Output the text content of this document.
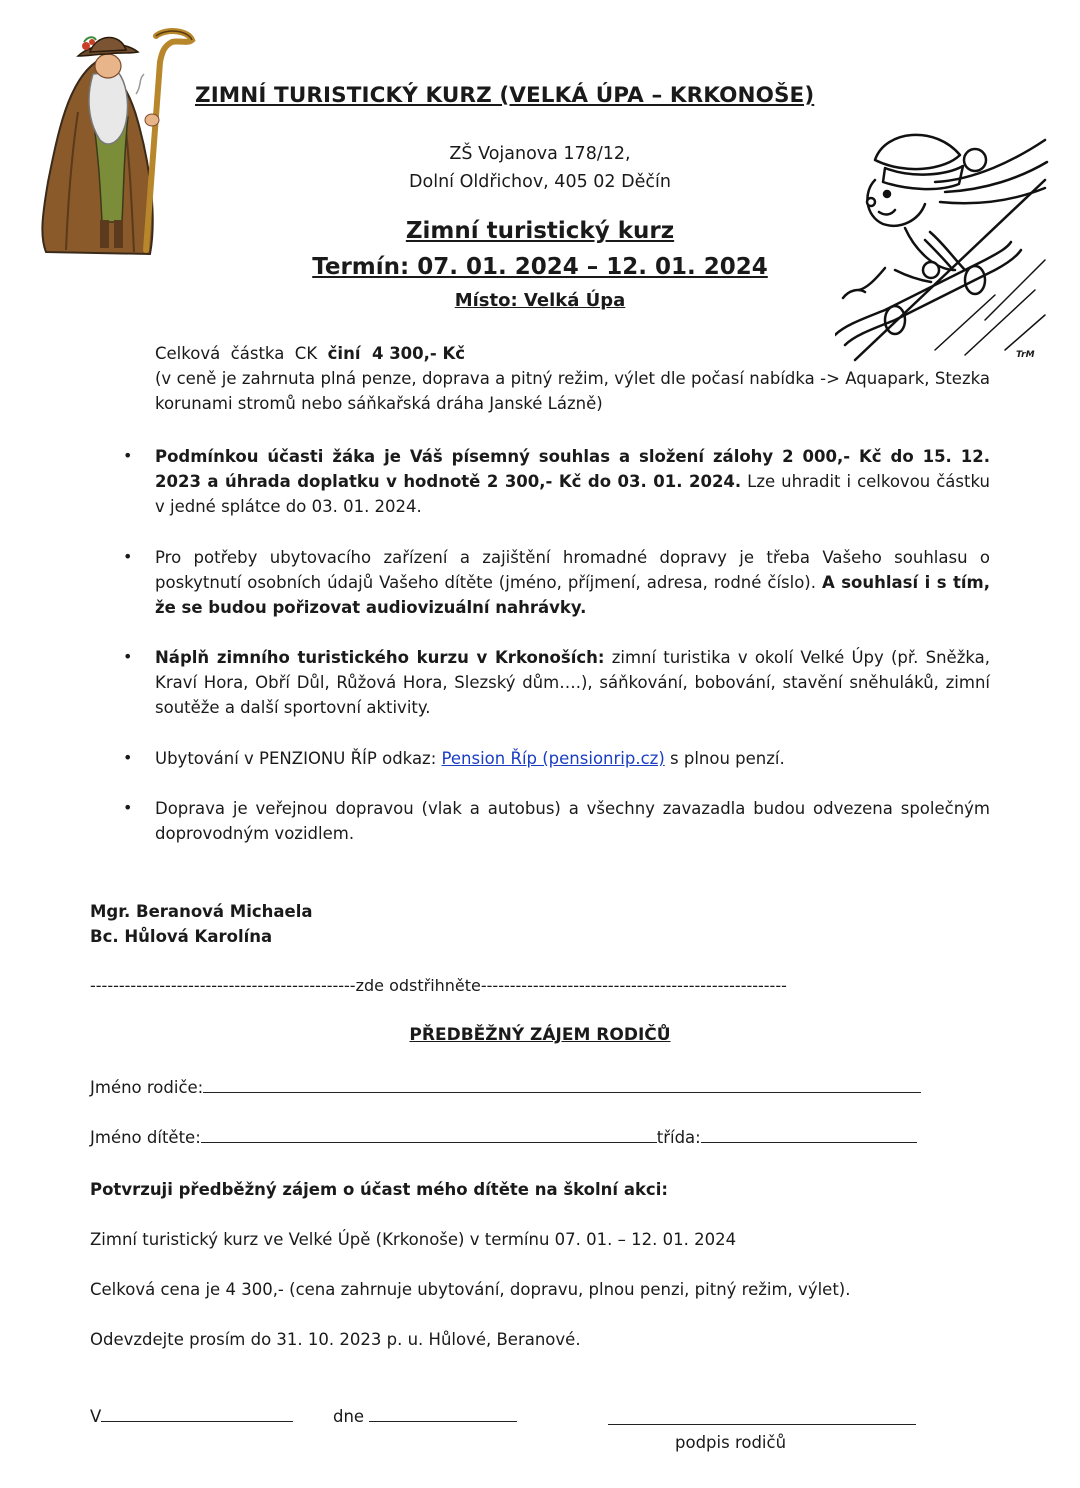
TrM
ZIMNÍ TURISTICKÝ KURZ (VELKÁ ÚPA – KRKONOŠE)
ZŠ Vojanova 178/12,
Dolní Oldřichov, 405 02 Děčín
Zimní turistický kurz
Termín: 07. 01. 2024 – 12. 01. 2024
Místo: Velká Úpa
Celková  částka  CK  činí  4 300,- Kč
(v ceně je zahrnuta plná penze, doprava a pitný režim, výlet dle počasí nabídka -> Aquapark, Stezka korunami stromů nebo sáňkařská dráha Janské Lázně)
• Podmínkou účasti žáka je Váš písemný souhlas a složení zálohy 2 000,- Kč do 15. 12. 2023 a úhrada doplatku v hodnotě 2 300,- Kč do 03. 01. 2024. Lze uhradit i celkovou částku v jedné splátce do 03. 01. 2024.
• Pro potřeby ubytovacího zařízení a zajištění hromadné dopravy je třeba Vašeho souhlasu o poskytnutí osobních údajů Vašeho dítěte (jméno, příjmení, adresa, rodné číslo). A souhlasí i s tím, že se budou pořizovat audiovizuální nahrávky.
• Náplň zimního turistického kurzu v Krkonoších: zimní turistika v okolí Velké Úpy (př. Sněžka, Kraví Hora, Obří Důl, Růžová Hora, Slezský dům….), sáňkování, bobování, stavění sněhuláků, zimní soutěže a další sportovní aktivity.
• Ubytování v PENZIONU ŘÍP odkaz: Pension Říp (pensionrip.cz) s plnou penzí.
• Doprava je veřejnou dopravou (vlak a autobus) a všechny zavazadla budou odvezena společným doprovodným vozidlem.
Mgr. Beranová Michaela
Bc. Hůlová Karolína
----------------------------------------------zde odstřihněte-----------------------------------------------------
PŘEDBĚŽNÝ ZÁJEM RODIČŮ
Jméno rodiče:
Jméno dítěte:	třída:
Potvrzuji předběžný zájem o účast mého dítěte na školní akci:
Zimní turistický kurz ve Velké Úpě (Krkonoše) v termínu 07. 01. – 12. 01. 2024
Celková cena je 4 300,- (cena zahrnuje ubytování, dopravu, plnou penzi, pitný režim, výlet).
Odevzdejte prosím do 31. 10. 2023 p. u. Hůlové, Beranové.
V	dne
podpis rodičů
